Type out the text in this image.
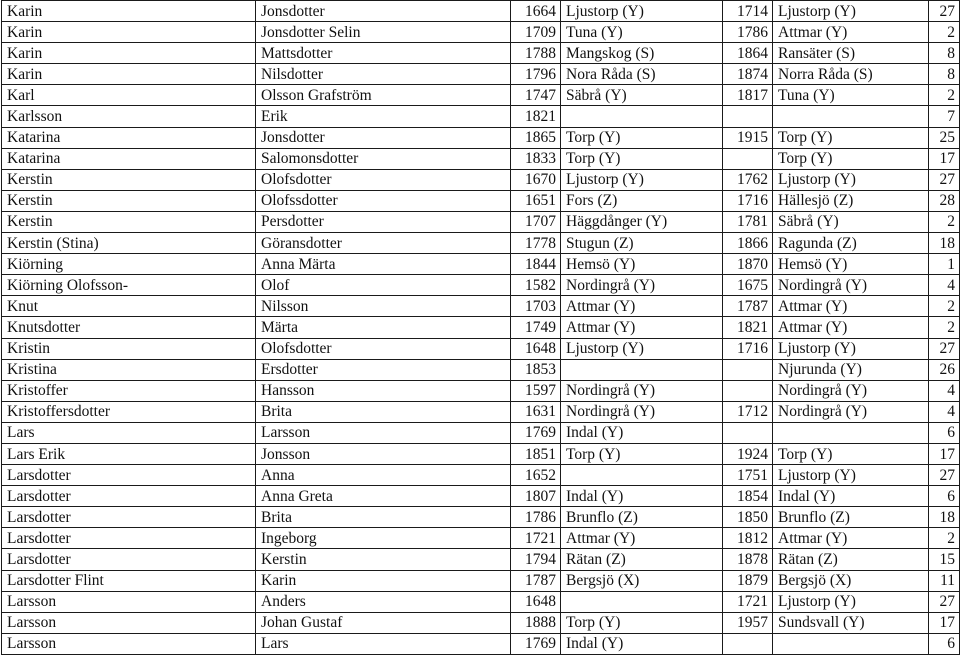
Karin	Jonsdotter	1664	Ljustorp (Y)	1714	Ljustorp (Y)	27
Karin	Jonsdotter Selin	1709	Tuna (Y)	1786	Attmar (Y)	2
Karin	Mattsdotter	1788	Mangskog (S)	1864	Ransäter (S)	8
Karin	Nilsdotter	1796	Nora Råda (S)	1874	Norra Råda (S)	8
Karl	Olsson Grafström	1747	Säbrå (Y)	1817	Tuna (Y)	2
Karlsson	Erik	1821				7
Katarina	Jonsdotter	1865	Torp (Y)	1915	Torp (Y)	25
Katarina	Salomonsdotter	1833	Torp (Y)		Torp (Y)	17
Kerstin	Olofsdotter	1670	Ljustorp (Y)	1762	Ljustorp (Y)	27
Kerstin	Olofssdotter	1651	Fors (Z)	1716	Hällesjö (Z)	28
Kerstin	Persdotter	1707	Häggdånger (Y)	1781	Säbrå (Y)	2
Kerstin (Stina)	Göransdotter	1778	Stugun (Z)	1866	Ragunda (Z)	18
Kiörning	Anna Märta	1844	Hemsö (Y)	1870	Hemsö (Y)	1
Kiörning Olofsson-	Olof	1582	Nordingrå (Y)	1675	Nordingrå (Y)	4
Knut	Nilsson	1703	Attmar (Y)	1787	Attmar (Y)	2
Knutsdotter	Märta	1749	Attmar (Y)	1821	Attmar (Y)	2
Kristin	Olofsdotter	1648	Ljustorp (Y)	1716	Ljustorp (Y)	27
Kristina	Ersdotter	1853			Njurunda (Y)	26
Kristoffer	Hansson	1597	Nordingrå (Y)		Nordingrå (Y)	4
Kristoffersdotter	Brita	1631	Nordingrå (Y)	1712	Nordingrå (Y)	4
Lars	Larsson	1769	Indal (Y)			6
Lars Erik	Jonsson	1851	Torp (Y)	1924	Torp (Y)	17
Larsdotter	Anna	1652		1751	Ljustorp (Y)	27
Larsdotter	Anna Greta	1807	Indal (Y)	1854	Indal (Y)	6
Larsdotter	Brita	1786	Brunflo (Z)	1850	Brunflo (Z)	18
Larsdotter	Ingeborg	1721	Attmar (Y)	1812	Attmar (Y)	2
Larsdotter	Kerstin	1794	Rätan (Z)	1878	Rätan (Z)	15
Larsdotter Flint	Karin	1787	Bergsjö (X)	1879	Bergsjö (X)	11
Larsson	Anders	1648		1721	Ljustorp (Y)	27
Larsson	Johan Gustaf	1888	Torp (Y)	1957	Sundsvall (Y)	17
Larsson	Lars	1769	Indal (Y)			6
